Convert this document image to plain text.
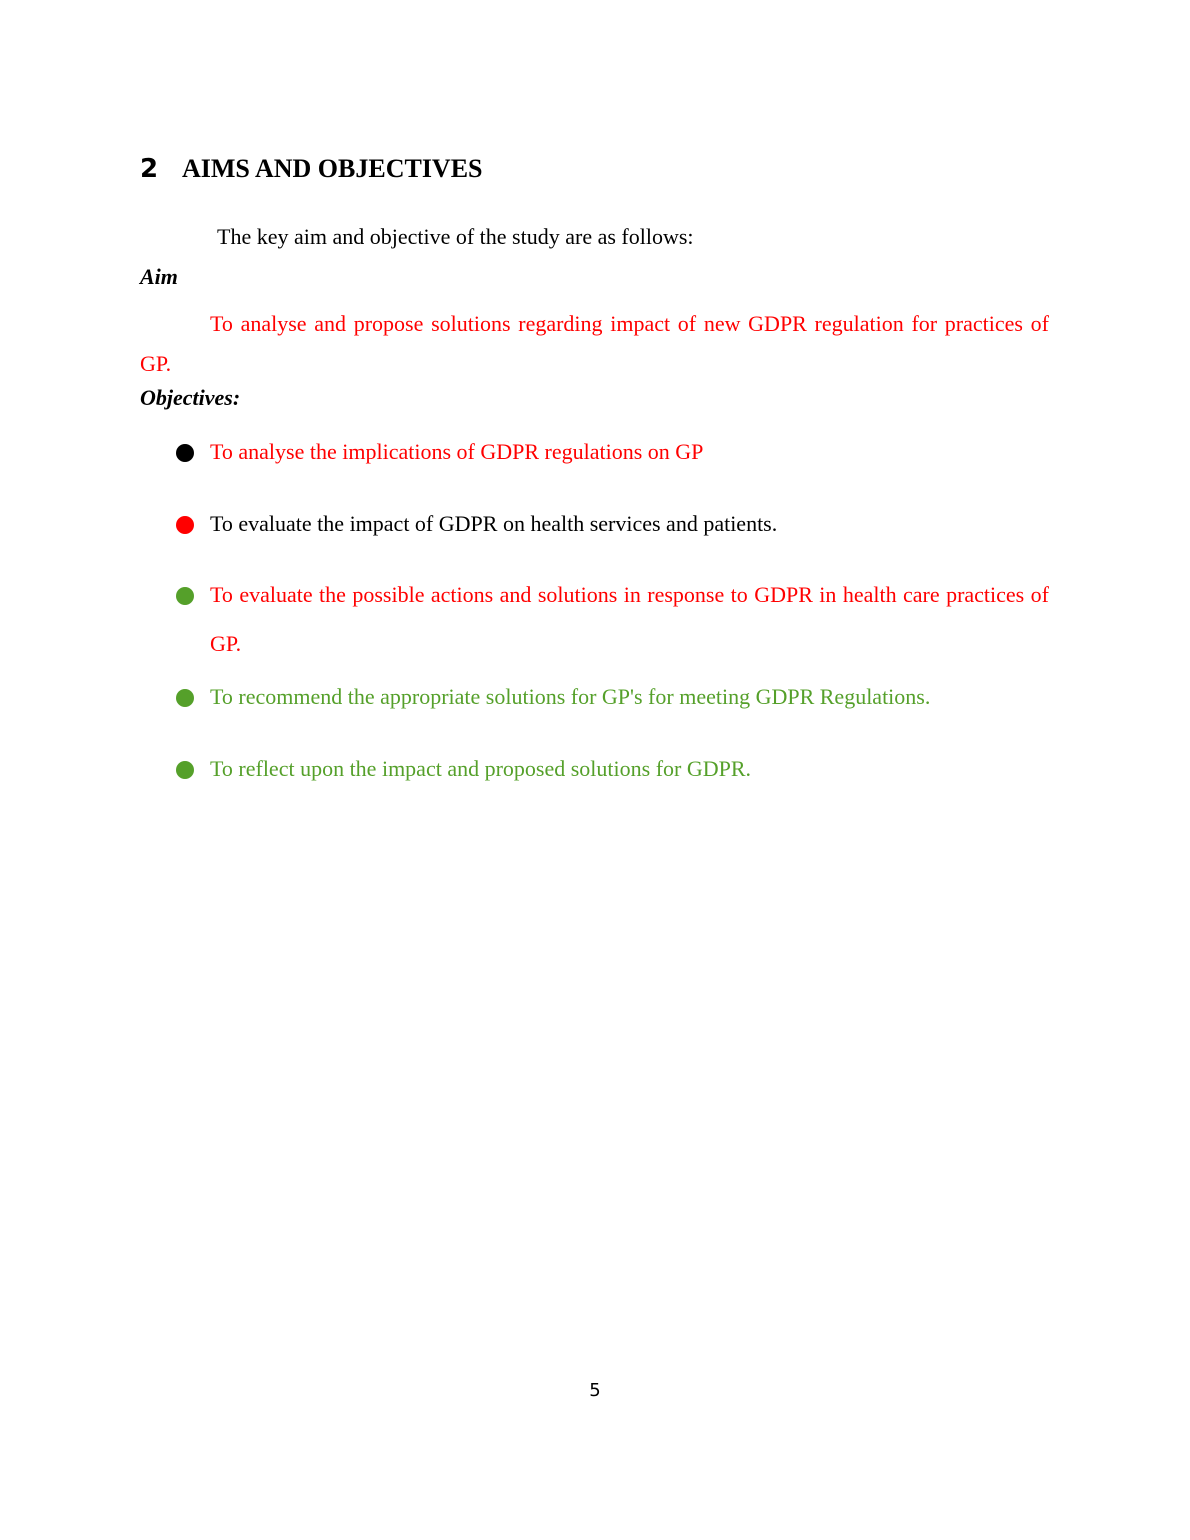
2 AIMS AND OBJECTIVES
The key aim and objective of the study are as follows:
Aim
To analyse and propose solutions regarding impact of new GDPR regulation for practices of GP.
Objectives:
To analyse the implications of GDPR regulations on GP
To evaluate the impact of GDPR on health services and patients.
To evaluate the possible actions and solutions in response to GDPR in health care practices of GP.
To recommend the appropriate solutions for GP's for meeting GDPR Regulations.
To reflect upon the impact and proposed solutions for GDPR.
5
